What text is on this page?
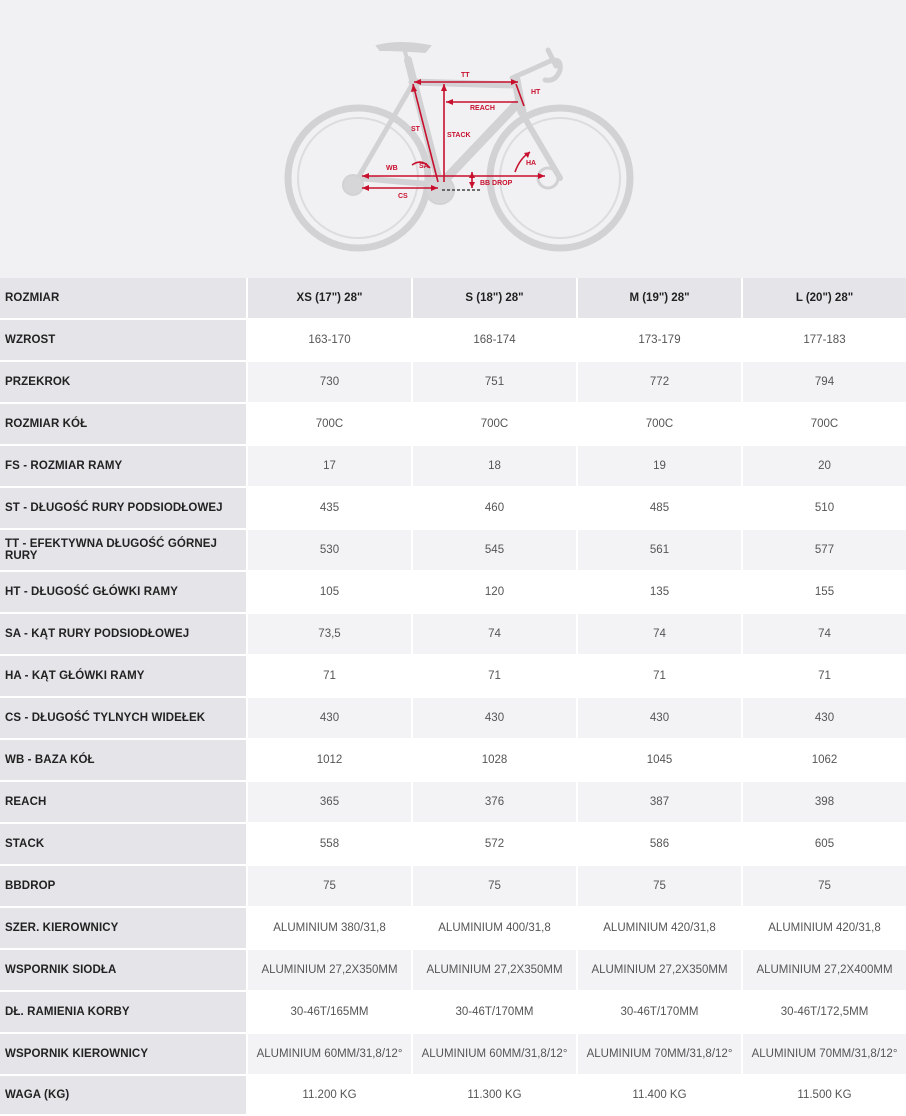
TT
HT
REACH
ST
STACK
WB	SA	HA
BB DROP
CS
ROZMIAR	XS (17") 28"	S (18") 28"	M (19") 28"	L (20") 28"
WZROST	163-170	168-174	173-179	177-183
PRZEKROK	730	751	772	794
ROZMIAR KÓŁ	700C	700C	700C	700C
FS - ROZMIAR RAMY	17	18	19	20
ST - DŁUGOŚĆ RURY PODSIODŁOWEJ	435	460	485	510
TT - EFEKTYWNA DŁUGOŚĆ GÓRNEJ RURY	530	545	561	577
HT - DŁUGOŚĆ GŁÓWKI RAMY	105	120	135	155
SA - KĄT RURY PODSIODŁOWEJ	73,5	74	74	74
HA - KĄT GŁÓWKI RAMY	71	71	71	71
CS - DŁUGOŚĆ TYLNYCH WIDEŁEK	430	430	430	430
WB - BAZA KÓŁ	1012	1028	1045	1062
REACH	365	376	387	398
STACK	558	572	586	605
BBDROP	75	75	75	75
SZER. KIEROWNICY	ALUMINIUM 380/31,8	ALUMINIUM 400/31,8	ALUMINIUM 420/31,8	ALUMINIUM 420/31,8
WSPORNIK SIODŁA	ALUMINIUM 27,2X350MM	ALUMINIUM 27,2X350MM	ALUMINIUM 27,2X350MM	ALUMINIUM 27,2X400MM
DŁ. RAMIENIA KORBY	30-46T/165MM	30-46T/170MM	30-46T/170MM	30-46T/172,5MM
WSPORNIK KIEROWNICY	ALUMINIUM 60MM/31,8/12°	ALUMINIUM 60MM/31,8/12°	ALUMINIUM 70MM/31,8/12°	ALUMINIUM 70MM/31,8/12°
WAGA (KG)	11.200 KG	11.300 KG	11.400 KG	11.500 KG
